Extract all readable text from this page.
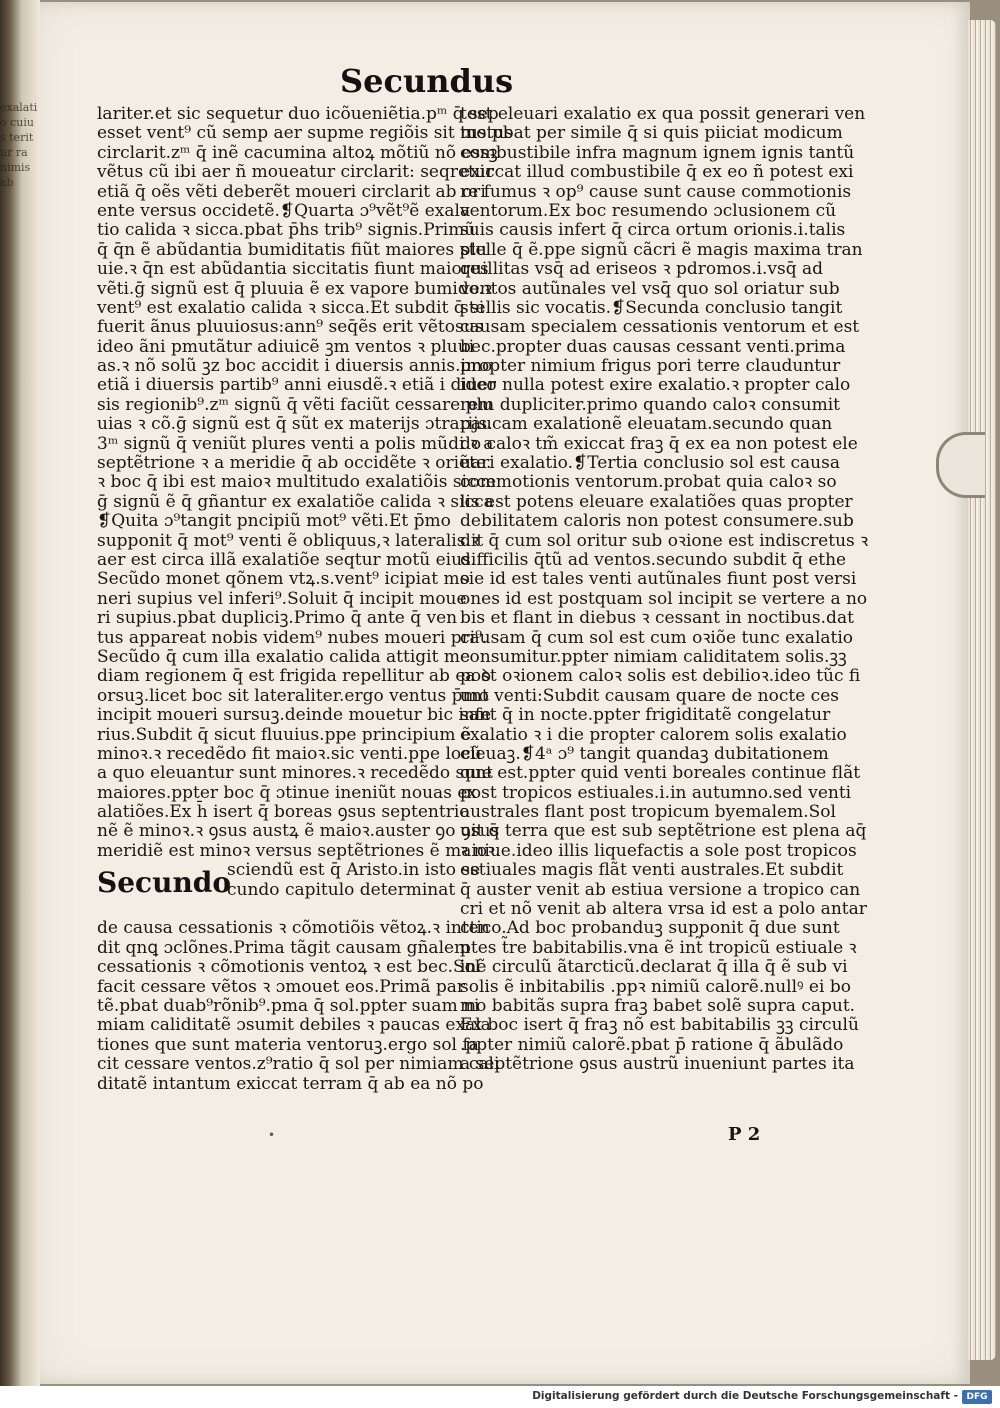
exalatio cuius teritur ra nimis ab
Secundus
lariter.et sic sequetur duo icõueniẽtia.pᵐ q̄ sep
esset vent⁹ cũ semp aer supme regiõis sit motus
circlarit.zᵐ q̄ inẽ cacumina altoꝝ mõtiũ nõ essꝫ
vẽtus cũ ibi aer ñ moueatur circlarit: seqretur
etiã q̄ oẽs vẽti deberẽt moueri circlarit ab ori
ente versus occidetẽ.❡Quarta ɔ⁹vẽt⁹ẽ exala
tio calida ꝛ sicca.pbat p̄hs trib⁹ signis.Primũ
q̄ q̄n ẽ abũdantia bumiditatis fiũt maiores plu
uie.ꝛ q̄n est abũdantia siccitatis fiunt maiores
vẽti.ḡ signũ est q̄ pluuia ẽ ex vapore bumido.ꝛ
vent⁹ est exalatio calida ꝛ sicca.Et subdit q̄ si
fuerit ãnus pluuiosus:ann⁹ seq̄ẽs erit vẽtosus
ideo ãni pmutãtur adiuicẽ ꝫm ventos ꝛ pluui
as.ꝛ nõ solũ ꝫz boc accidit i diuersis annis.imo
etiã i diuersis partib⁹ anni eiusdẽ.ꝛ etiã i diuer
sis regionib⁹.zᵐ signũ q̄ vẽti faciũt cessare plu
uias ꝛ cõ.ḡ signũ est q̄ sũt ex materijs ɔtrarijs.
3ᵐ signũ q̄ veniũt plures venti a polis mũdi ꝛ a
septẽtrione ꝛ a meridie q̄ ab occidẽte ꝛ oriẽte.
ꝛ boc q̄ ibi est maioꝛ multitudo exalatiõis sicce
ḡ signũ ẽ q̄ gñantur ex exalatiõe calida ꝛ sicca
❡Quita ɔ⁹tangit pncipiũ mot⁹ vẽti.Et p̄mo
supponit q̄ mot⁹ venti ẽ obliquus,ꝛ lateralis.ꝛ
aer est circa illã exalatiõe seqtur motũ eius.
Secũdo monet qõnem vtꝝ.s.vent⁹ icipiat mo
neri supius vel inferi⁹.Soluit q̄ incipit moue
ri supius.pbat dupliciꝫ.Primo q̄ ante q̄ ven
tus appareat nobis videm⁹ nubes moueri pri⁹.
Secũdo q̄ cum illa exalatio calida attigit me
diam regionem q̄ est frigida repellitur ab ea ꝺ
orsuꝫ.licet boc sit lateraliter.ergo ventus p̄mo
incipit moueri sursuꝫ.deinde mouetur bic infe
rius.Subdit q̄ sicut fluuius.ppe principium ẽ
minoꝛ.ꝛ recedẽdo fit maioꝛ.sic venti.ppe locũ
a quo eleuantur sunt minores.ꝛ recedẽdo sunt
maiores.ppter boc q̄ ɔtinue ineniũt nouas ex
alatiões.Ex h̄ isert q̄ boreas ꝯsus septentrio
nẽ ẽ minoꝛ.ꝛ ꝯsus austꝝ ẽ maioꝛ.auster ꝯo ꝯsus
meridiẽ est minoꝛ versus septẽtriones ẽ maioꝛ.
Secundo
sciendũ est q̄ Aristo.in isto se
cundo capitulo determinat
de causa cessationis ꝛ cõmotiõis vẽtoꝝ.ꝛ inten
dit qnꝗ ɔclõnes.Prima tãgit causam gñalem
cessationis ꝛ cõmotionis ventoꝝ ꝛ est bec.Sol
facit cessare vẽtos ꝛ ɔmouet eos.Primã par
tẽ.pbat duab⁹rõnib⁹.pma q̄ sol.ppter suam ni
miam caliditatẽ ɔsumit debiles ꝛ paucas exala
tiones que sunt materia ventoruꝫ.ergo sol fa
cit cessare ventos.z⁹ratio q̄ sol per nimiam cali
ditatẽ intantum exiccat terram q̄ ab ea nõ po
test eleuari exalatio ex qua possit generari ven
tus.pbat per simile q̄ si quis piiciat modicum
combustibile infra magnum ignem ignis tantũ
exiccat illud combustibile q̄ ex eo ñ potest exi
re fumus ꝛ op⁹ cause sunt cause commotionis
ventorum.Ex boc resumendo ɔclusionem cũ
suis causis infert q̄ circa ortum orionis.i.talis
stelle q̄ ẽ.ppe signũ cãcri ẽ magis maxima tran
quillitas vsq̄ ad eriseos ꝛ pdromos.i.vsq̄ ad
ventos autũnales vel vsq̄ quo sol oriatur sub
stellis sic vocatis.❡Secunda conclusio tangit
causam specialem cessationis ventorum et est
bec.propter duas causas cessant venti.prima
propter nimium frigus pori terre clauduntur
ideo nulla potest exire exalatio.ꝛ propter calo
rem dupliciter.primo quando caloꝛ consumit
paucam exalationẽ eleuatam.secundo quan
do caloꝛ tm̃ exiccat fraꝫ q̄ ex ea non potest ele
uari exalatio.❡Tertia conclusio sol est causa
commotionis ventorum.probat quia caloꝛ so
lis est potens eleuare exalatiões quas propter
debilitatem caloris non potest consumere.sub
dit q̄ cum sol oritur sub oꝛione est indiscretus ꝛ
difficilis q̄tũ ad ventos.secundo subdit q̄ ethe
sie id est tales venti autũnales fiunt post versi
ones id est postquam sol incipit se vertere a no
bis et flant in diebus ꝛ cessant in noctibus.dat
causam q̄ cum sol est cum oꝛiõe tunc exalatio
consumitur.ppter nimiam caliditatem solis.ꝫꝫ
post oꝛionem caloꝛ solis est debilioꝛ.ideo tũc fi
unt venti:Subdit causam quare de nocte ces
sant q̄ in nocte.ppter frigiditatẽ congelatur
exalatio ꝛ i die propter calorem solis exalatio
eleuaꝫ.❡4ᵃ ɔ⁹ tangit quandaꝫ dubitationem
que est.ppter quid venti boreales continue flãt
post tropicos estiuales.i.in autumno.sed venti
australes flant post tropicum byemalem.Sol
uit q̄ terra que est sub septẽtrione est plena aq̄
ꝛ niue.ideo illis liquefactis a sole post tropicos
estiuales magis flãt venti australes.Et subdit
q̄ auster venit ab estiua versione a tropico can
cri et nõ venit ab altera vrsa id est a polo antar
ctico.Ad boc probanduꝫ supponit q̄ due sunt
ptes t̃re babitabilis.vna ẽ int̃ tropicũ estiuale ꝛ
inẽ circulũ ãtarcticũ.declarat q̄ illa q̄ ẽ sub vi
solis ẽ inbitabilis .ppꝛ nimiũ calorẽ.nullꝰ ei bo
mo babitãs supra fraꝫ babet solẽ supra caput.
Ex boc isert q̄ fraꝫ nõ est babitabilis ꝫꝫ circulũ
.ppter nimiũ calorẽ.pbat p̄ ratione q̄ ãbulãdo
a septẽtrione ꝯsus austrũ inueniunt partes ita
•	P 2
Digitalisierung gefördert durch die Deutsche Forschungsgemeinschaft - DFG
